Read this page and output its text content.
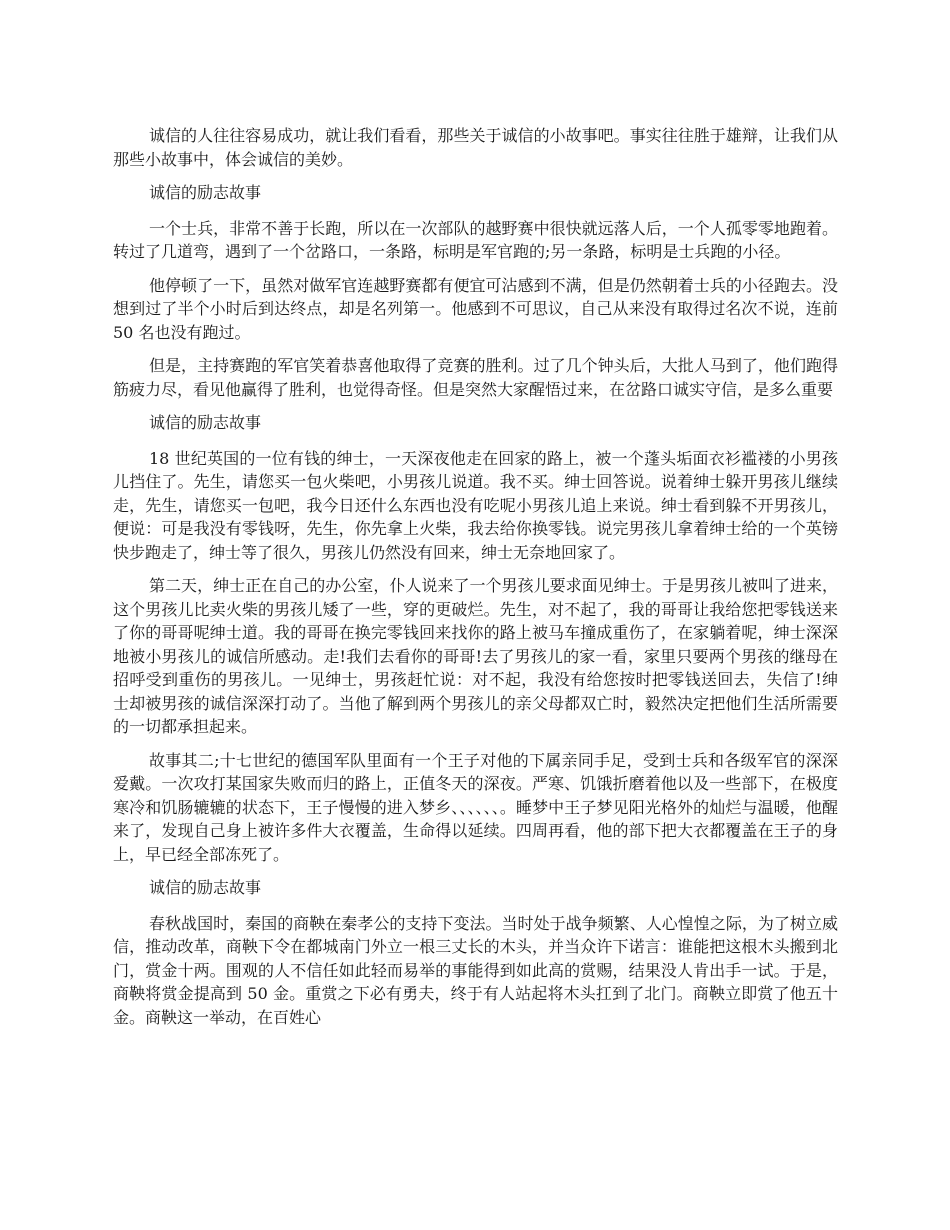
诚信的人往往容易成功，就让我们看看，那些关于诚信的小故事吧。事实往往胜于雄辩，让我们从那些小故事中，体会诚信的美妙。

诚信的励志故事

一个士兵，非常不善于长跑，所以在一次部队的越野赛中很快就远落人后，一个人孤零零地跑着。转过了几道弯，遇到了一个岔路口，一条路，标明是军官跑的;另一条路，标明是士兵跑的小径。

他停顿了一下，虽然对做军官连越野赛都有便宜可沾感到不满，但是仍然朝着士兵的小径跑去。没想到过了半个小时后到达终点，却是名列第一。他感到不可思议，自己从来没有取得过名次不说，连前 50 名也没有跑过。

但是，主持赛跑的军官笑着恭喜他取得了竞赛的胜利。过了几个钟头后，大批人马到了，他们跑得筋疲力尽，看见他赢得了胜利，也觉得奇怪。但是突然大家醒悟过来，在岔路口诚实守信，是多么重要

诚信的励志故事

18 世纪英国的一位有钱的绅士，一天深夜他走在回家的路上，被一个蓬头垢面衣衫褴褛的小男孩儿挡住了。先生，请您买一包火柴吧，小男孩儿说道。我不买。绅士回答说。说着绅士躲开男孩儿继续走，先生，请您买一包吧，我今日还什么东西也没有吃呢小男孩儿追上来说。绅士看到躲不开男孩儿，便说：可是我没有零钱呀，先生，你先拿上火柴，我去给你换零钱。说完男孩儿拿着绅士给的一个英镑快步跑走了，绅士等了很久，男孩儿仍然没有回来，绅士无奈地回家了。

第二天，绅士正在自己的办公室，仆人说来了一个男孩儿要求面见绅士。于是男孩儿被叫了进来，这个男孩儿比卖火柴的男孩儿矮了一些，穿的更破烂。先生，对不起了，我的哥哥让我给您把零钱送来了你的哥哥呢绅士道。我的哥哥在换完零钱回来找你的路上被马车撞成重伤了，在家躺着呢，绅士深深地被小男孩儿的诚信所感动。走!我们去看你的哥哥!去了男孩儿的家一看，家里只要两个男孩的继母在招呼受到重伤的男孩儿。一见绅士，男孩赶忙说：对不起，我没有给您按时把零钱送回去，失信了!绅士却被男孩的诚信深深打动了。当他了解到两个男孩儿的亲父母都双亡时，毅然决定把他们生活所需要的一切都承担起来。

故事其二;十七世纪的德国军队里面有一个王子对他的下属亲同手足，受到士兵和各级军官的深深爱戴。一次攻打某国家失败而归的路上，正值冬天的深夜。严寒、饥饿折磨着他以及一些部下，在极度寒冷和饥肠辘辘的状态下，王子慢慢的进入梦乡、、、、、、。睡梦中王子梦见阳光格外的灿烂与温暖，他醒来了，发现自己身上被许多件大衣覆盖，生命得以延续。四周再看，他的部下把大衣都覆盖在王子的身上，早已经全部冻死了。

诚信的励志故事

春秋战国时，秦国的商鞅在秦孝公的支持下变法。当时处于战争频繁、人心惶惶之际，为了树立威信，推动改革，商鞅下令在都城南门外立一根三丈长的木头，并当众许下诺言：谁能把这根木头搬到北门，赏金十两。围观的人不信任如此轻而易举的事能得到如此高的赏赐，结果没人肯出手一试。于是，商鞅将赏金提高到 50 金。重赏之下必有勇夫，终于有人站起将木头扛到了北门。商鞅立即赏了他五十金。商鞅这一举动，在百姓心
